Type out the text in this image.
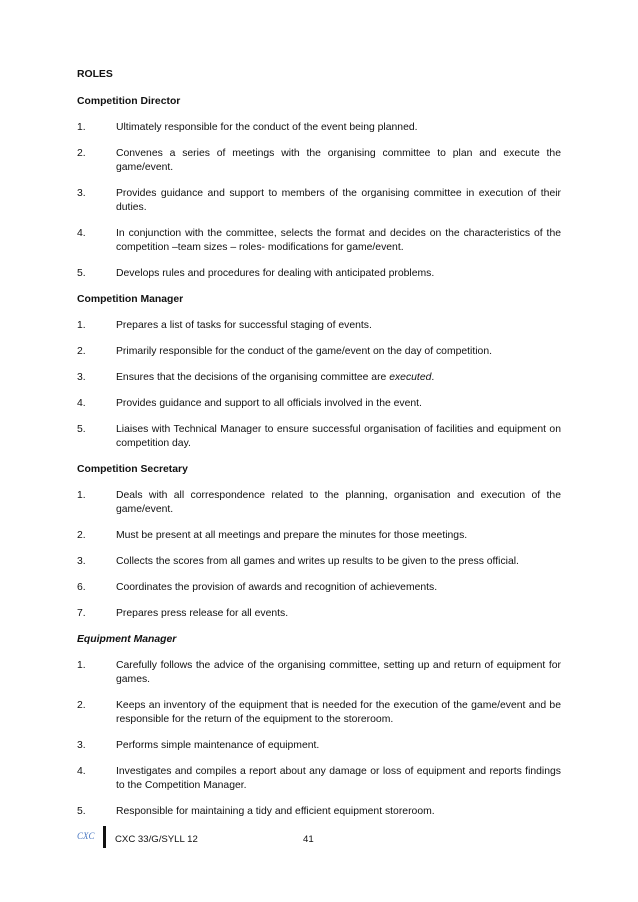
ROLES
Competition Director
1.	Ultimately responsible for the conduct of the event being planned.
2.	Convenes a series of meetings with the organising committee to plan and execute the game/event.
3.	Provides guidance and support to members of the organising committee in execution of their duties.
4.	In conjunction with the committee, selects the format and decides on the characteristics of the competition –team sizes – roles- modifications for game/event.
5.	Develops rules and procedures for dealing with anticipated problems.
Competition Manager
1.	Prepares a list of tasks for successful staging of events.
2.	Primarily responsible for the conduct of the game/event on the day of competition.
3.	Ensures that the decisions of the organising committee are executed.
4.	Provides guidance and support to all officials involved in the event.
5.	Liaises with Technical Manager to ensure successful organisation of facilities and equipment on competition day.
Competition Secretary
1.	Deals with all correspondence related to the planning, organisation and execution of the game/event.
2.	Must be present at all meetings and prepare the minutes for those meetings.
3.	Collects the scores from all games and writes up results to be given to the press official.
6.	Coordinates the provision of awards and recognition of achievements.
7.	Prepares press release for all events.
Equipment Manager
1.	Carefully follows the advice of the organising committee, setting up and return of equipment for games.
2.	Keeps an inventory of the equipment that is needed for the execution of the game/event and be responsible for the return of the equipment to the storeroom.
3.	Performs simple maintenance of equipment.
4.	Investigates and compiles a report about any damage or loss of equipment and reports findings to the Competition Manager.
5.	Responsible for maintaining a tidy and efficient equipment storeroom.
CXC CXC 33/G/SYLL 12	41
